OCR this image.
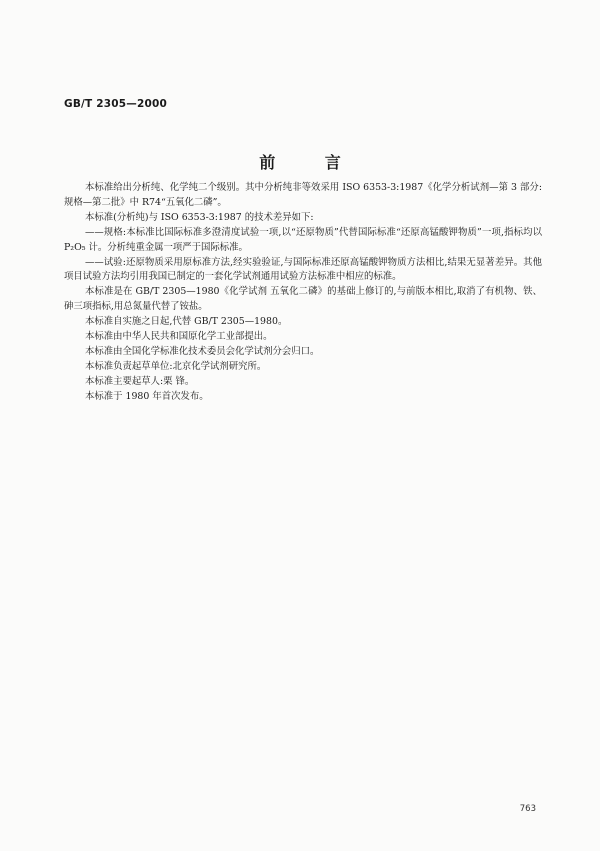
GB/T 2305—2000
前 言

本标准给出分析纯、化学纯二个级别。其中分析纯非等效采用 ISO 6353-3:1987《化学分析试剂—第 3 部分:规格—第二批》中 R74“五氧化二磷”。

本标准(分析纯)与 ISO 6353-3:1987 的技术差异如下:

——规格:本标准比国际标准多澄清度试验一项,以“还原物质”代替国际标准“还原高锰酸钾物质”一项,指标均以 P₂O₅ 计。分析纯重金属一项严于国际标准。

——试验:还原物质采用原标准方法,经实验验证,与国际标准还原高锰酸钾物质方法相比,结果无显著差异。其他项目试验方法均引用我国已制定的一套化学试剂通用试验方法标准中相应的标准。

本标准是在 GB/T 2305—1980《化学试剂 五氧化二磷》的基础上修订的,与前版本相比,取消了有机物、铁、砷三项指标,用总氮量代替了铵盐。

本标准自实施之日起,代替 GB/T 2305—1980。

本标准由中华人民共和国原化学工业部提出。

本标准由全国化学标准化技术委员会化学试剂分会归口。

本标准负责起草单位:北京化学试剂研究所。

本标准主要起草人:栗 锋。

本标准于 1980 年首次发布。

763
